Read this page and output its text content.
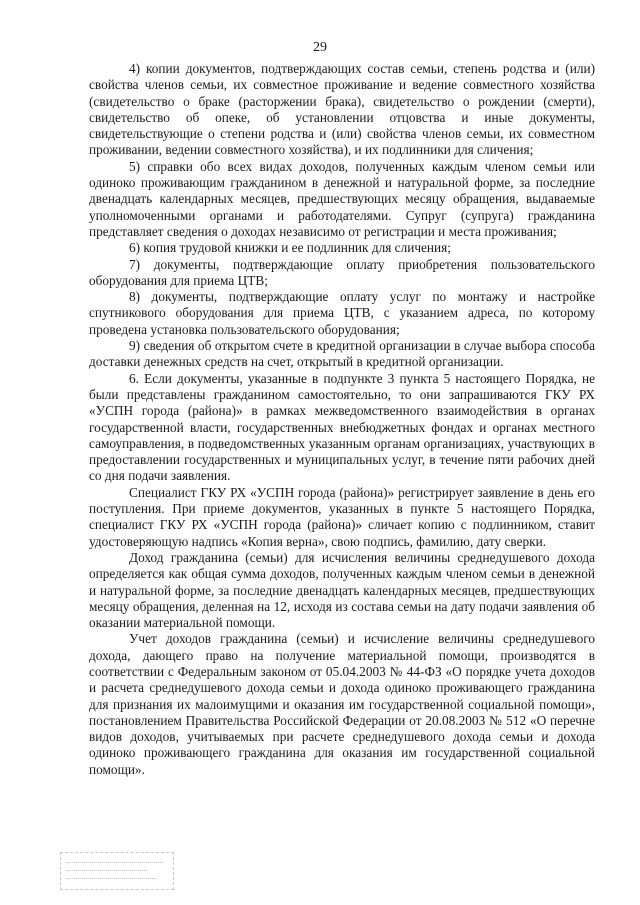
29

4) копии документов, подтверждающих состав семьи, степень родства и (или) свойства членов семьи, их совместное проживание и ведение совместного хозяйства (свидетельство о браке (расторжении брака), свидетельство о рождении (смерти), свидетельство об опеке, об установлении отцовства и иные документы, свидетельствующие о степени родства и (или) свойства членов семьи, их совместном проживании, ведении совместного хозяйства), и их подлинники для сличения;

5) справки обо всех видах доходов, полученных каждым членом семьи или одиноко проживающим гражданином в денежной и натуральной форме, за последние двенадцать календарных месяцев, предшествующих месяцу обращения, выдаваемые уполномоченными органами и работодателями. Супруг (супруга) гражданина представляет сведения о доходах независимо от регистрации и места проживания;

6) копия трудовой книжки и ее подлинник для сличения;

7) документы, подтверждающие оплату приобретения пользовательского оборудования для приема ЦТВ;

8) документы, подтверждающие оплату услуг по монтажу и настройке спутникового оборудования для приема ЦТВ, с указанием адреса, по которому проведена установка пользовательского оборудования;

9) сведения об открытом счете в кредитной организации в случае выбора способа доставки денежных средств на счет, открытый в кредитной организации.

6. Если документы, указанные в подпункте 3 пункта 5 настоящего Порядка, не были представлены гражданином самостоятельно, то они запрашиваются ГКУ РХ «УСПН города (района)» в рамках межведомственного взаимодействия в органах государственной власти, государственных внебюджетных фондах и органах местного самоуправления, в подведомственных указанным органам организациях, участвующих в предоставлении государственных и муниципальных услуг, в течение пяти рабочих дней со дня подачи заявления.

Специалист ГКУ РХ «УСПН города (района)» регистрирует заявление в день его поступления. При приеме документов, указанных в пункте 5 настоящего Порядка, специалист ГКУ РХ «УСПН города (района)» сличает копию с подлинником, ставит удостоверяющую надпись «Копия верна», свою подпись, фамилию, дату сверки.

Доход гражданина (семьи) для исчисления величины среднедушевого дохода определяется как общая сумма доходов, полученных каждым членом семьи в денежной и натуральной форме, за последние двенадцать календарных месяцев, предшествующих месяцу обращения, деленная на 12, исходя из состава семьи на дату подачи заявления об оказании материальной помощи.

Учет доходов гражданина (семьи) и исчисление величины среднедушевого дохода, дающего право на получение материальной помощи, производятся в соответствии с Федеральным законом от 05.04.2003 № 44-ФЗ «О порядке учета доходов и расчета среднедушевого дохода семьи и дохода одиноко проживающего гражданина для признания их малоимущими и оказания им государственной социальной помощи», постановлением Правительства Российской Федерации от 20.08.2003 № 512 «О перечне видов доходов, учитываемых при расчете среднедушевого дохода семьи и дохода одиноко проживающего гражданина для оказания им государственной социальной помощи».
